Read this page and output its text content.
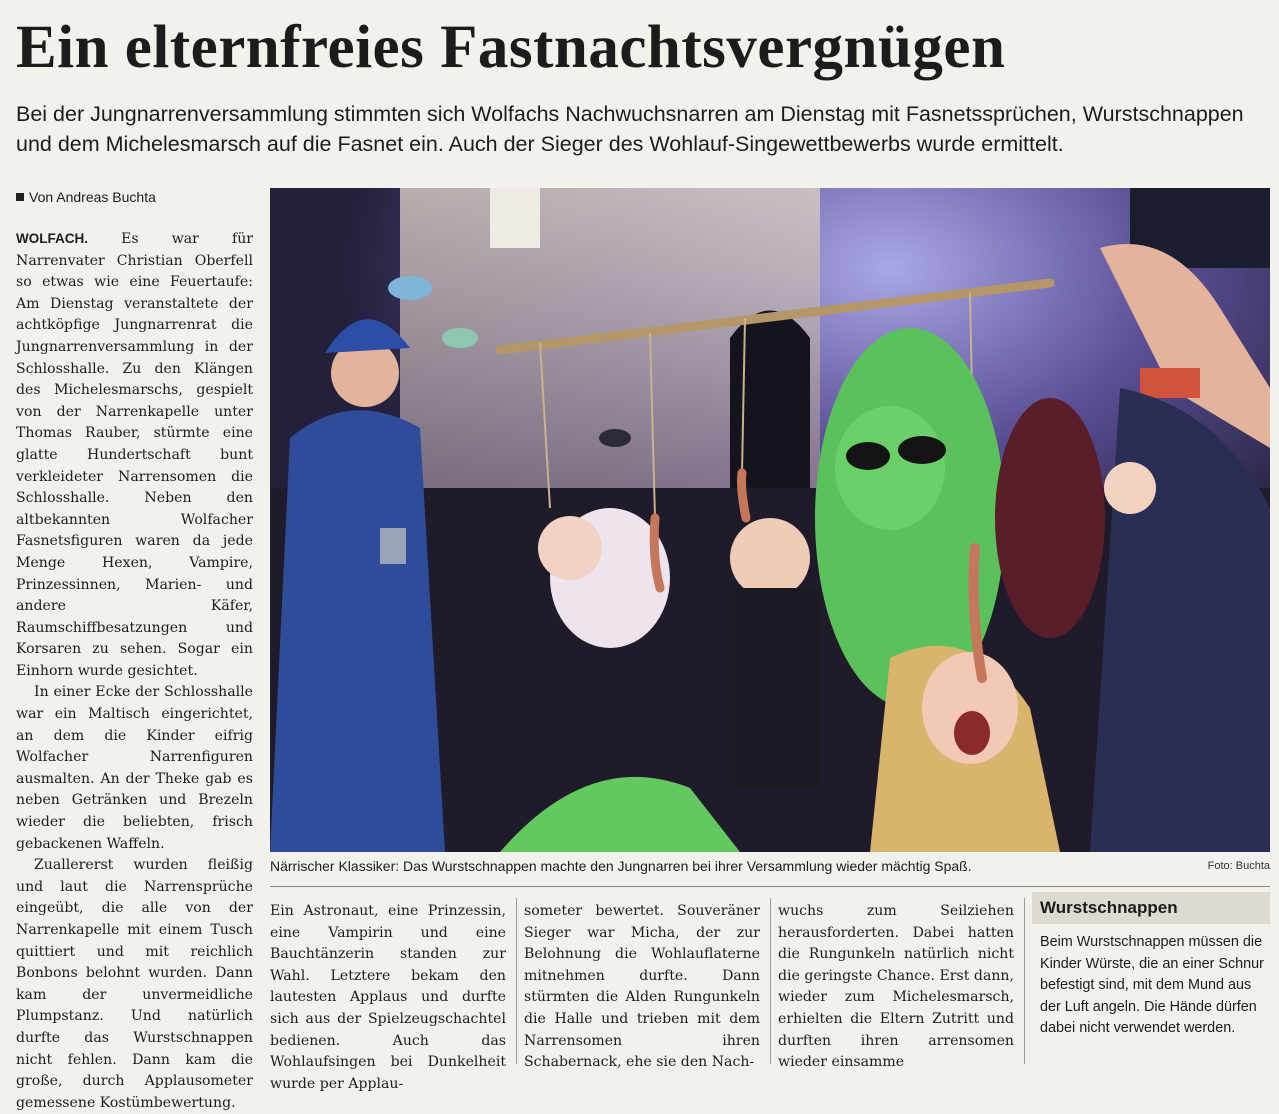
Ein elternfreies Fastnachtsvergnügen

Bei der Jungnarrenversammlung stimmten sich Wolfachs Nachwuchsnarren am Dienstag mit Fasnetssprüchen, Wurstschnappen und dem Michelesmarsch auf die Fasnet ein. Auch der Sieger des Wohlauf-Singewettbewerbs wurde ermittelt.

Von Andreas Buchta

WOLFACH. Es war für Narrenvater Christian Oberfell so etwas wie eine Feuertaufe: Am Dienstag veranstaltete der achtköpfige Jungnarrenrat die Jungnarrenversammlung in der Schlosshalle. Zu den Klängen des Michelesmarschs, gespielt von der Narrenkapelle unter Thomas Rauber, stürmte eine glatte Hundertschaft bunt verkleideter Narrensomen die Schlosshalle. Neben den altbekannten Wolfacher Fasnetsfiguren waren da jede Menge Hexen, Vampire, Prinzessinnen, Marien- und andere Käfer, Raumschiffbesatzungen und Korsaren zu sehen. Sogar ein Einhorn wurde gesichtet.

In einer Ecke der Schlosshalle war ein Maltisch eingerichtet, an dem die Kinder eifrig Wolfacher Narrenfiguren ausmalten. An der Theke gab es neben Getränken und Brezeln wieder die beliebten, frisch gebackenen Waffeln.

Zuallererst wurden fleißig und laut die Narrensprüche eingeübt, die alle von der Narrenkapelle mit einem Tusch quittiert und mit reichlich Bonbons belohnt wurden. Dann kam der unvermeidliche Plumpstanz. Und natürlich durfte das Wurstschnappen nicht fehlen. Dann kam die große, durch Applausometer gemessene Kostümbewertung.

Närrischer Klassiker: Das Wurstschnappen machte den Jungnarren bei ihrer Versammlung wieder mächtig Spaß.	Foto: Buchta

Ein Astronaut, eine Prinzessin, eine Vampirin und eine Bauchtänzerin standen zur Wahl. Letztere bekam den lautesten Applaus und durfte sich aus der Spielzeugschachtel bedienen. Auch das Wohlaufsingen bei Dunkelheit wurde per Applau-

someter bewertet. Souveräner Sieger war Micha, der zur Belohnung die Wohlauflaterne mitnehmen durfte. Dann stürmten die Alden Rungunkeln die Halle und trieben mit dem Narrensomen ihren Schabernack, ehe sie den Nach-

wuchs zum Seilziehen herausforderten. Dabei hatten die Rungunkeln natürlich nicht die geringste Chance. Erst dann, wieder zum Michelesmarsch, erhielten die Eltern Zutritt und durften ihren arrensomen wieder einsamme

Wurstschnappen

Beim Wurstschnappen müssen die Kinder Würste, die an einer Schnur befestigt sind, mit dem Mund aus der Luft angeln. Die Hände dürfen dabei nicht verwendet werden.
